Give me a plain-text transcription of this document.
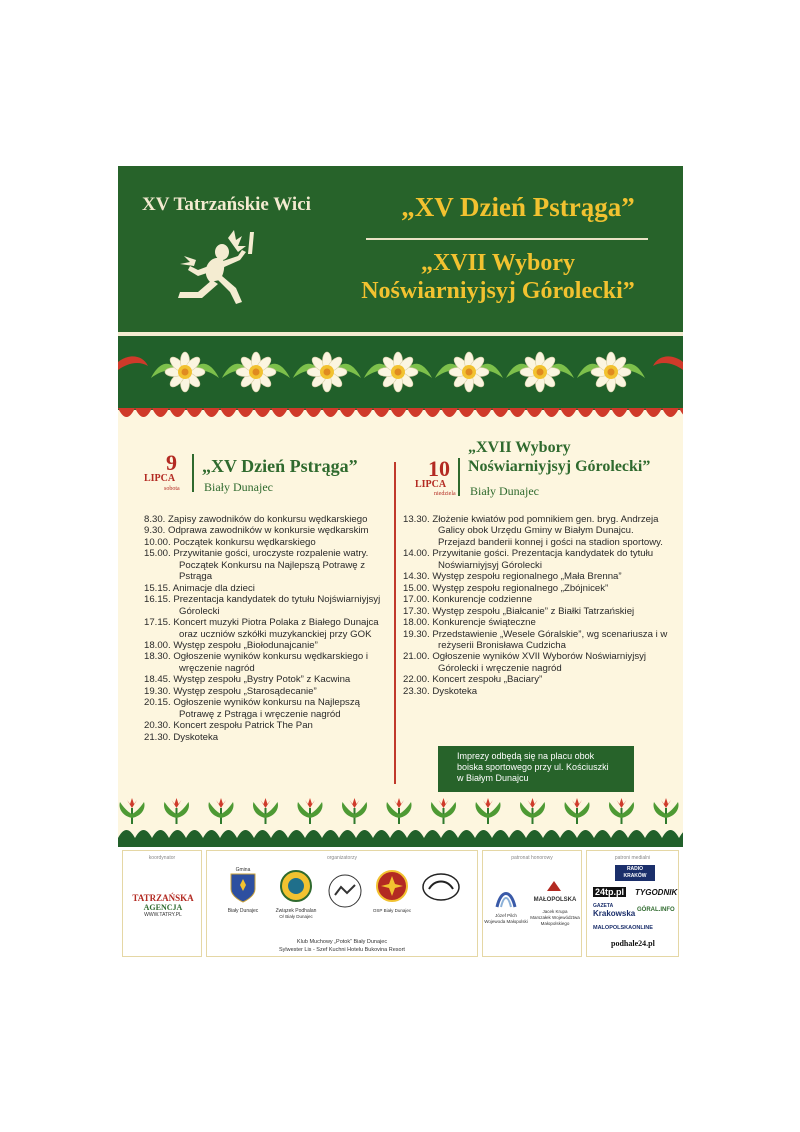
XV Tatrzańskie Wici	„XV Dzień Pstrąga”
„XVII Wybory
Noświarniyjsyj Górolecki”
9
LIPCA
sobota
„XV Dzień Pstrąga”
Biały Dunajec
8.30. Zapisy zawodników do konkursu wędkarskiego
9.30. Odprawa zawodników w konkursie wędkarskim
10.00. Początek konkursu wędkarskiego
15.00. Przywitanie gości, uroczyste rozpalenie watry. Początek Konkursu na Najlepszą Potrawę z Pstrąga
15.15. Animacje dla dzieci
16.15. Prezentacja kandydatek do tytułu Nojświarniyjsyj Górolecki
17.15. Koncert muzyki Piotra Polaka z Białego Dunajca oraz uczniów szkółki muzykanckiej przy GOK
18.00. Występ zespołu „Biołodunajcanie”
18.30. Ogłoszenie wyników konkursu wędkarskiego i wręczenie nagród
18.45. Występ zespołu „Bystry Potok” z Kacwina
19.30. Występ zespołu „Starosądecanie”
20.15. Ogłoszenie wyników konkursu na Najlepszą Potrawę z Pstrąga i wręczenie nagród
20.30. Koncert zespołu Patrick The Pan
21.30. Dyskoteka
10
LIPCA
niedziela
„XVII Wybory
Noświarniyjsyj Górolecki”
Biały Dunajec
13.30. Złożenie kwiatów pod pomnikiem gen. bryg. Andrzeja Galicy obok Urzędu Gminy w Białym Dunajcu. Przejazd banderii konnej i gości na stadion sportowy.
14.00. Przywitanie gości. Prezentacja kandydatek do tytułu Noświarniyjsyj Górolecki
14.30. Występ zespołu regionalnego „Mała Brenna”
15.00. Występ zespołu regionalnego „Zbójnicek”
17.00. Konkurencje codzienne
17.30. Występ zespołu „Białcanie” z Białki Tatrzańskiej
18.00. Konkurencje świąteczne
19.30. Przedstawienie „Wesele Góralskie”, wg scenariusza i w reżyserii Bronisława Cudzicha
21.00. Ogłoszenie wyników XVII Wyborów Noświarniyjsyj Górolecki i wręczenie nagród
22.00. Koncert zespołu „Baciary”
23.30. Dyskoteka
Imprezy odbędą się na placu obok
boiska sportowego przy ul. Kościuszki
w Białym Dunajcu
koordynator
TATRZAŃSKA
AGENCJA
WWW.TATRY.PL
organizatorzy
Gmina
Biały Dunajec	Związek Podhalan
O/ Biały Dunajec
OSP Biały Dunajec
Klub Muchowy „Potok” Biały Dunajec
Sylwester Lis - Szef Kuchni Hotelu Bukovina Resort
patronat honorowy
Józef Pilch
Wojewoda Małopolski
MAŁOPOLSKA
Jacek Krupa
Marszałek Województwa
Małopolskiego
patroni medialni
RADIO
KRAKÓW
24tp.pl TYGODNIK
GAZETA
Krakowska GÓRAL.INFO
MALOPOLSKAONLINE
podhale24.pl
